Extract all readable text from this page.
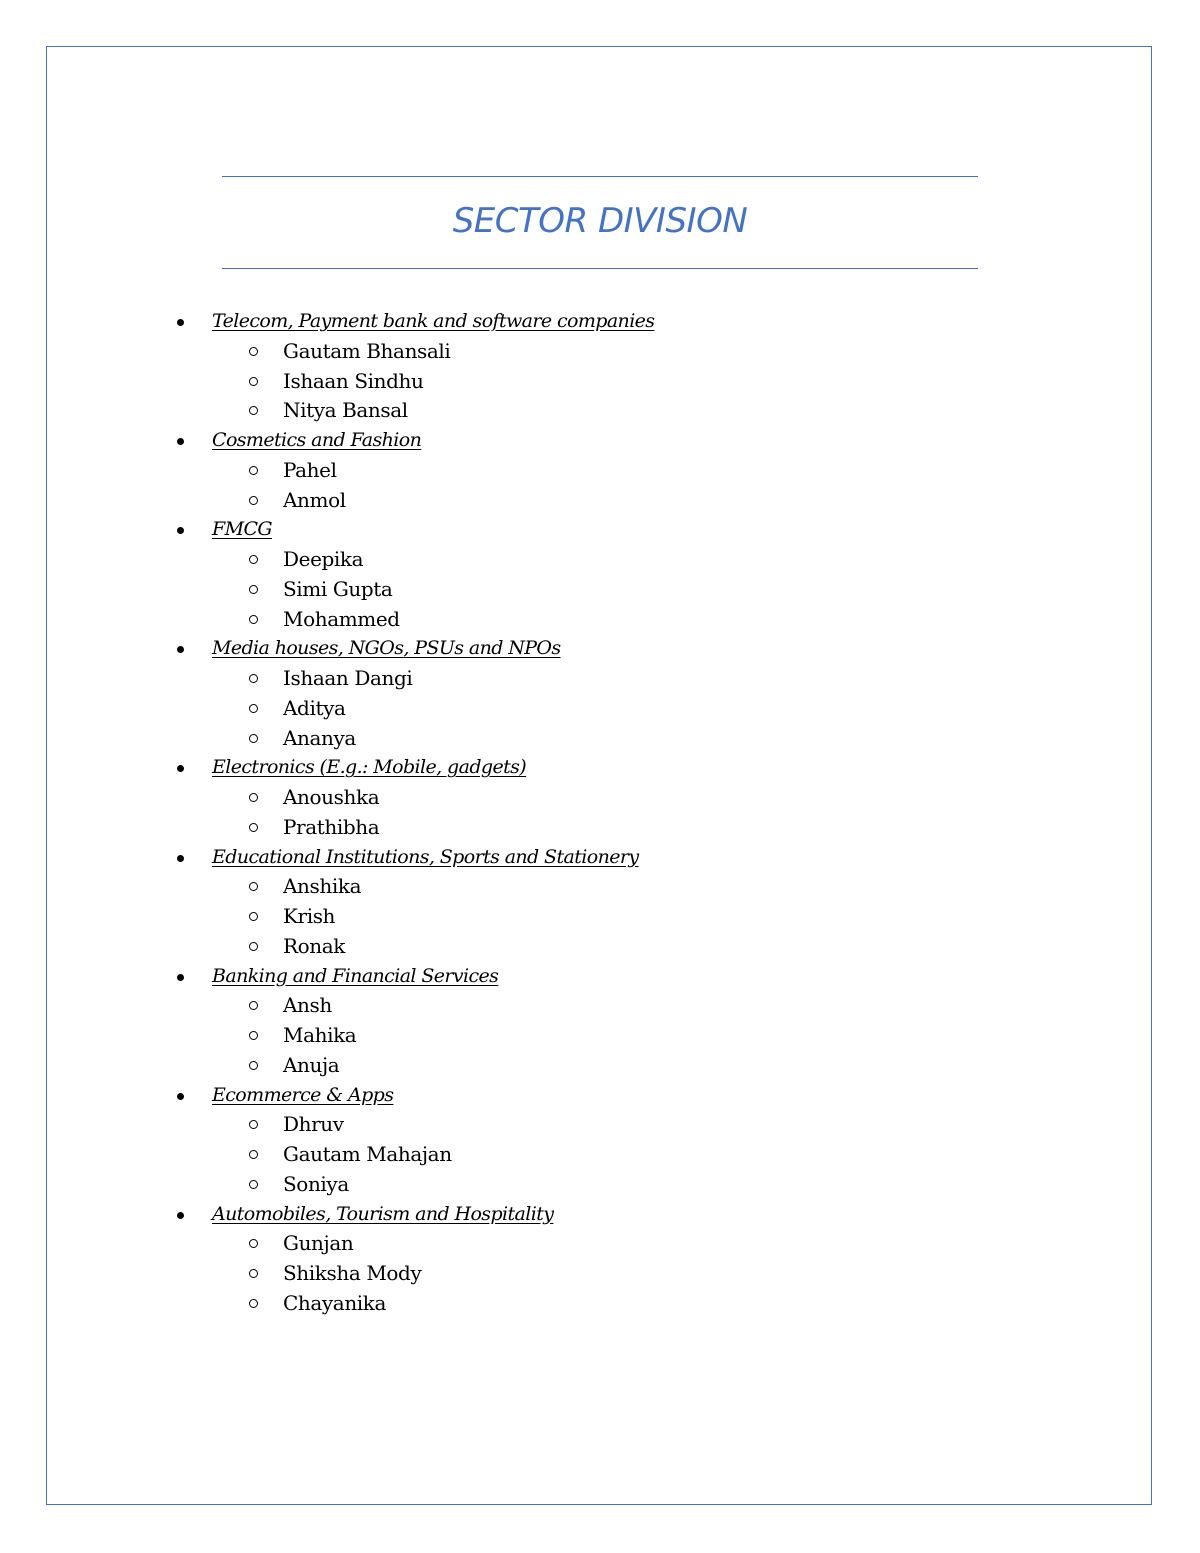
SECTOR DIVISION
Telecom, Payment bank and software companies
Gautam Bhansali
Ishaan Sindhu
Nitya Bansal
Cosmetics and Fashion
Pahel
Anmol
FMCG
Deepika
Simi Gupta
Mohammed
Media houses, NGOs, PSUs and NPOs
Ishaan Dangi
Aditya
Ananya
Electronics (E.g.: Mobile, gadgets)
Anoushka
Prathibha
Educational Institutions, Sports and Stationery
Anshika
Krish
Ronak
Banking and Financial Services
Ansh
Mahika
Anuja
Ecommerce & Apps
Dhruv
Gautam Mahajan
Soniya
Automobiles, Tourism and Hospitality
Gunjan
Shiksha Mody
Chayanika
